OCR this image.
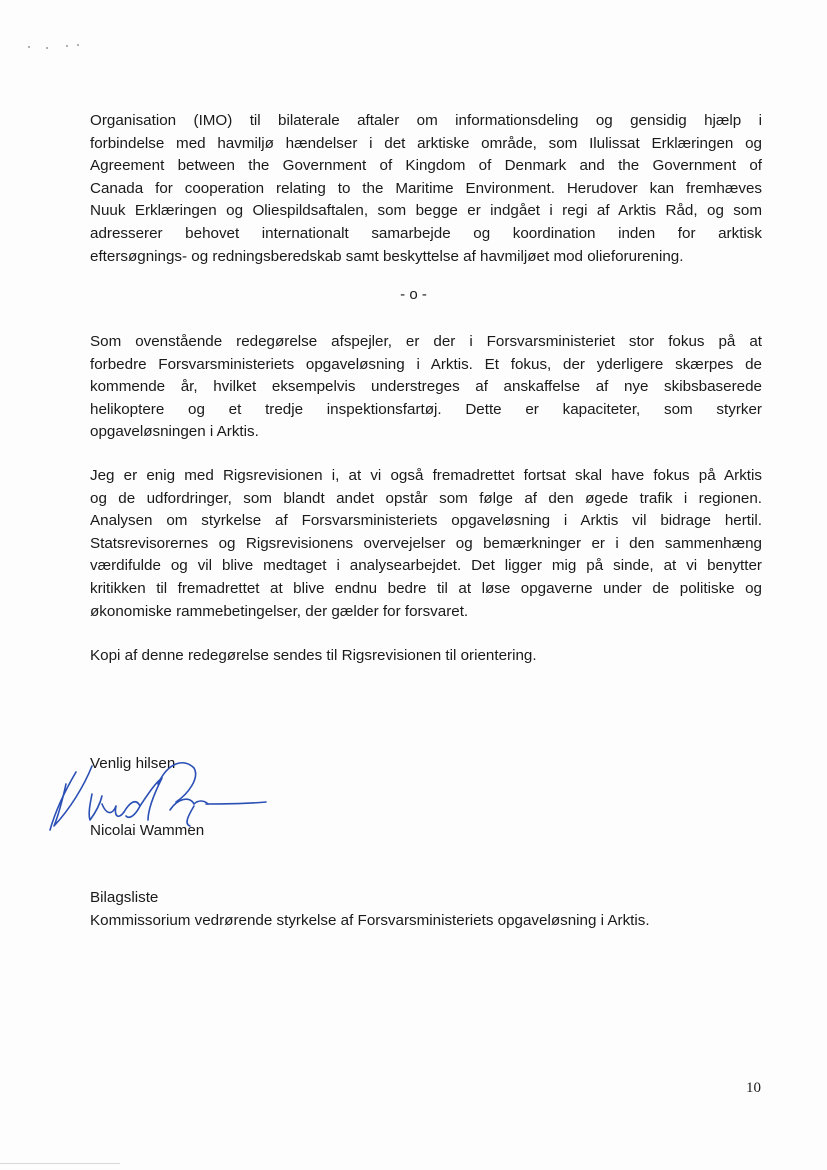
Organisation (IMO) til bilaterale aftaler om informationsdeling og gensidig hjælp i
forbindelse med havmiljø hændelser i det arktiske område, som Ilulissat Erklæringen og
Agreement between the Government of Kingdom of Denmark and the Government of
Canada for cooperation relating to the Maritime Environment. Herudover kan fremhæves
Nuuk Erklæringen og Oliespildsaftalen, som begge er indgået i regi af Arktis Råd, og som
adresserer behovet internationalt samarbejde og koordination inden for arktisk
eftersøgnings- og redningsberedskab samt beskyttelse af havmiljøet mod olieforurening.
- o -
Som ovenstående redegørelse afspejler, er der i Forsvarsministeriet stor fokus på at
forbedre Forsvarsministeriets opgaveløsning i Arktis. Et fokus, der yderligere skærpes de
kommende år, hvilket eksempelvis understreges af anskaffelse af nye skibsbaserede
helikoptere og et tredje inspektionsfartøj. Dette er kapaciteter, som styrker
opgaveløsningen i Arktis.
Jeg er enig med Rigsrevisionen i, at vi også fremadrettet fortsat skal have fokus på Arktis
og de udfordringer, som blandt andet opstår som følge af den øgede trafik i regionen.
Analysen om styrkelse af Forsvarsministeriets opgaveløsning i Arktis vil bidrage hertil.
Statsrevisorernes og Rigsrevisionens overvejelser og bemærkninger er i den sammenhæng
værdifulde og vil blive medtaget i analysearbejdet. Det ligger mig på sinde, at vi benytter
kritikken til fremadrettet at blive endnu bedre til at løse opgaverne under de politiske og
økonomiske rammebetingelser, der gælder for forsvaret.

Kopi af denne redegørelse sendes til Rigsrevisionen til orientering.

Venlig hilsen

Nicolai Wammen

Bilagsliste

Kommissorium vedrørende styrkelse af Forsvarsministeriets opgaveløsning i Arktis.

10
